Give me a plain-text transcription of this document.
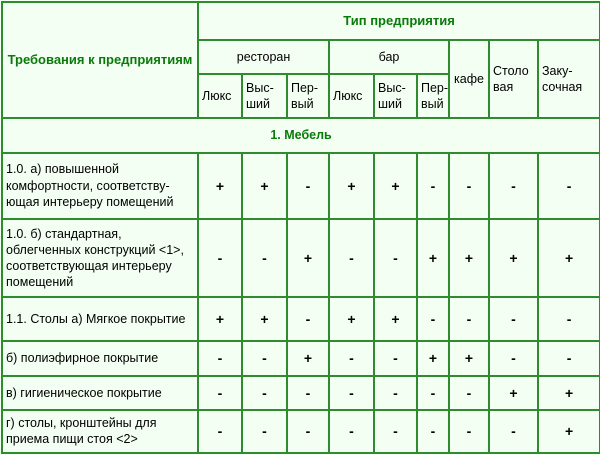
Требования к предприятиям	Тип предприятия								
	ресторан			бар			кафе	Столо вая	Заку-сочная
	Люкс	Выс-ший	Пер-вый	Люкс	Выс-ший	Пер-вый			
1. Мебель									
1.0. а) повышенной комфортности, соответству-ющая интерьеру помещений	+	+	-	+	+	-	-	-	-
1.0. б) стандартная, облегченных конструкций <1>, соответствующая интерьеру помещений	-	-	+	-	-	+	+	+	+
1.1. Столы а) Мягкое покрытие	+	+	-	+	+	-	-	-	-
б) полиэфирное покрытие	-	-	+	-	-	+	+	-	-
в) гигиеническое покрытие	-	-	-	-	-	-	-	+	+
г) столы, кронштейны для приема пищи стоя <2>	-	-	-	-	-	-	-	-	+
